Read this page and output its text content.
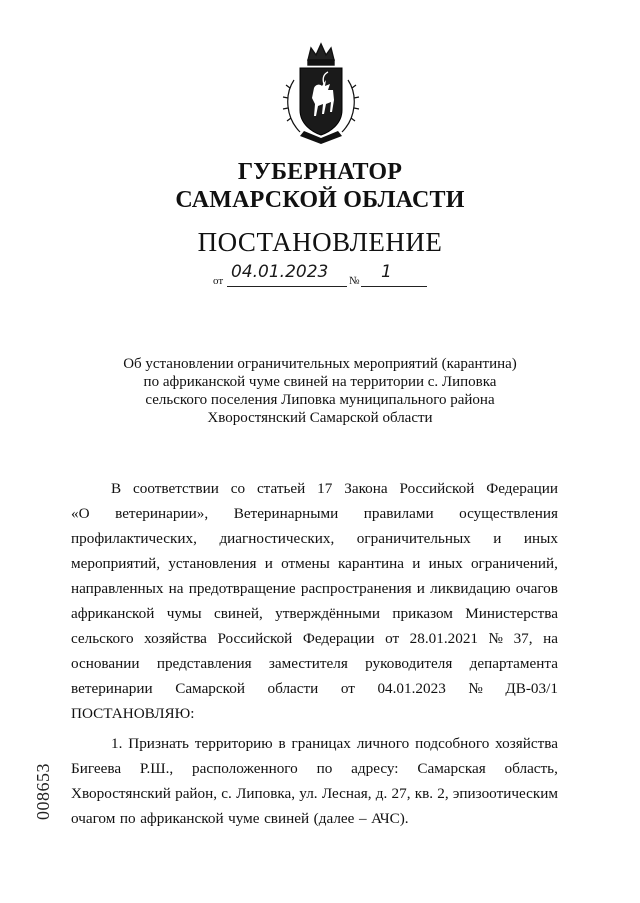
ГУБЕРНАТОР
САМАРСКОЙ ОБЛАСТИ
ПОСТАНОВЛЕНИЕ
от 04.01.2023 № 1
Об установлении ограничительных мероприятий (карантина)
по африканской чуме свиней на территории с. Липовка
сельского поселения Липовка муниципального района
Хворостянский Самарской области
В соответствии со статьей 17 Закона Российской Федерации
«О ветеринарии», Ветеринарными правилами осуществления
профилактических, диагностических, ограничительных и иных
мероприятий, установления и отмены карантина и иных ограничений,
направленных на предотвращение распространения и ликвидацию очагов
африканской чумы свиней, утверждёнными приказом Министерства
сельского хозяйства Российской Федерации от 28.01.2021 № 37, на
основании представления заместителя руководителя департамента
ветеринарии Самарской области от 04.01.2023 № ДВ-03/1
ПОСТАНОВЛЯЮ:
1. Признать территорию в границах личного подсобного хозяйства
Бигеева Р.Ш., расположенного по адресу: Самарская область,
Хворостянский район, с. Липовка, ул. Лесная, д. 27, кв. 2, эпизоотическим
очагом по африканской чуме свиней (далее – АЧС).
008653
